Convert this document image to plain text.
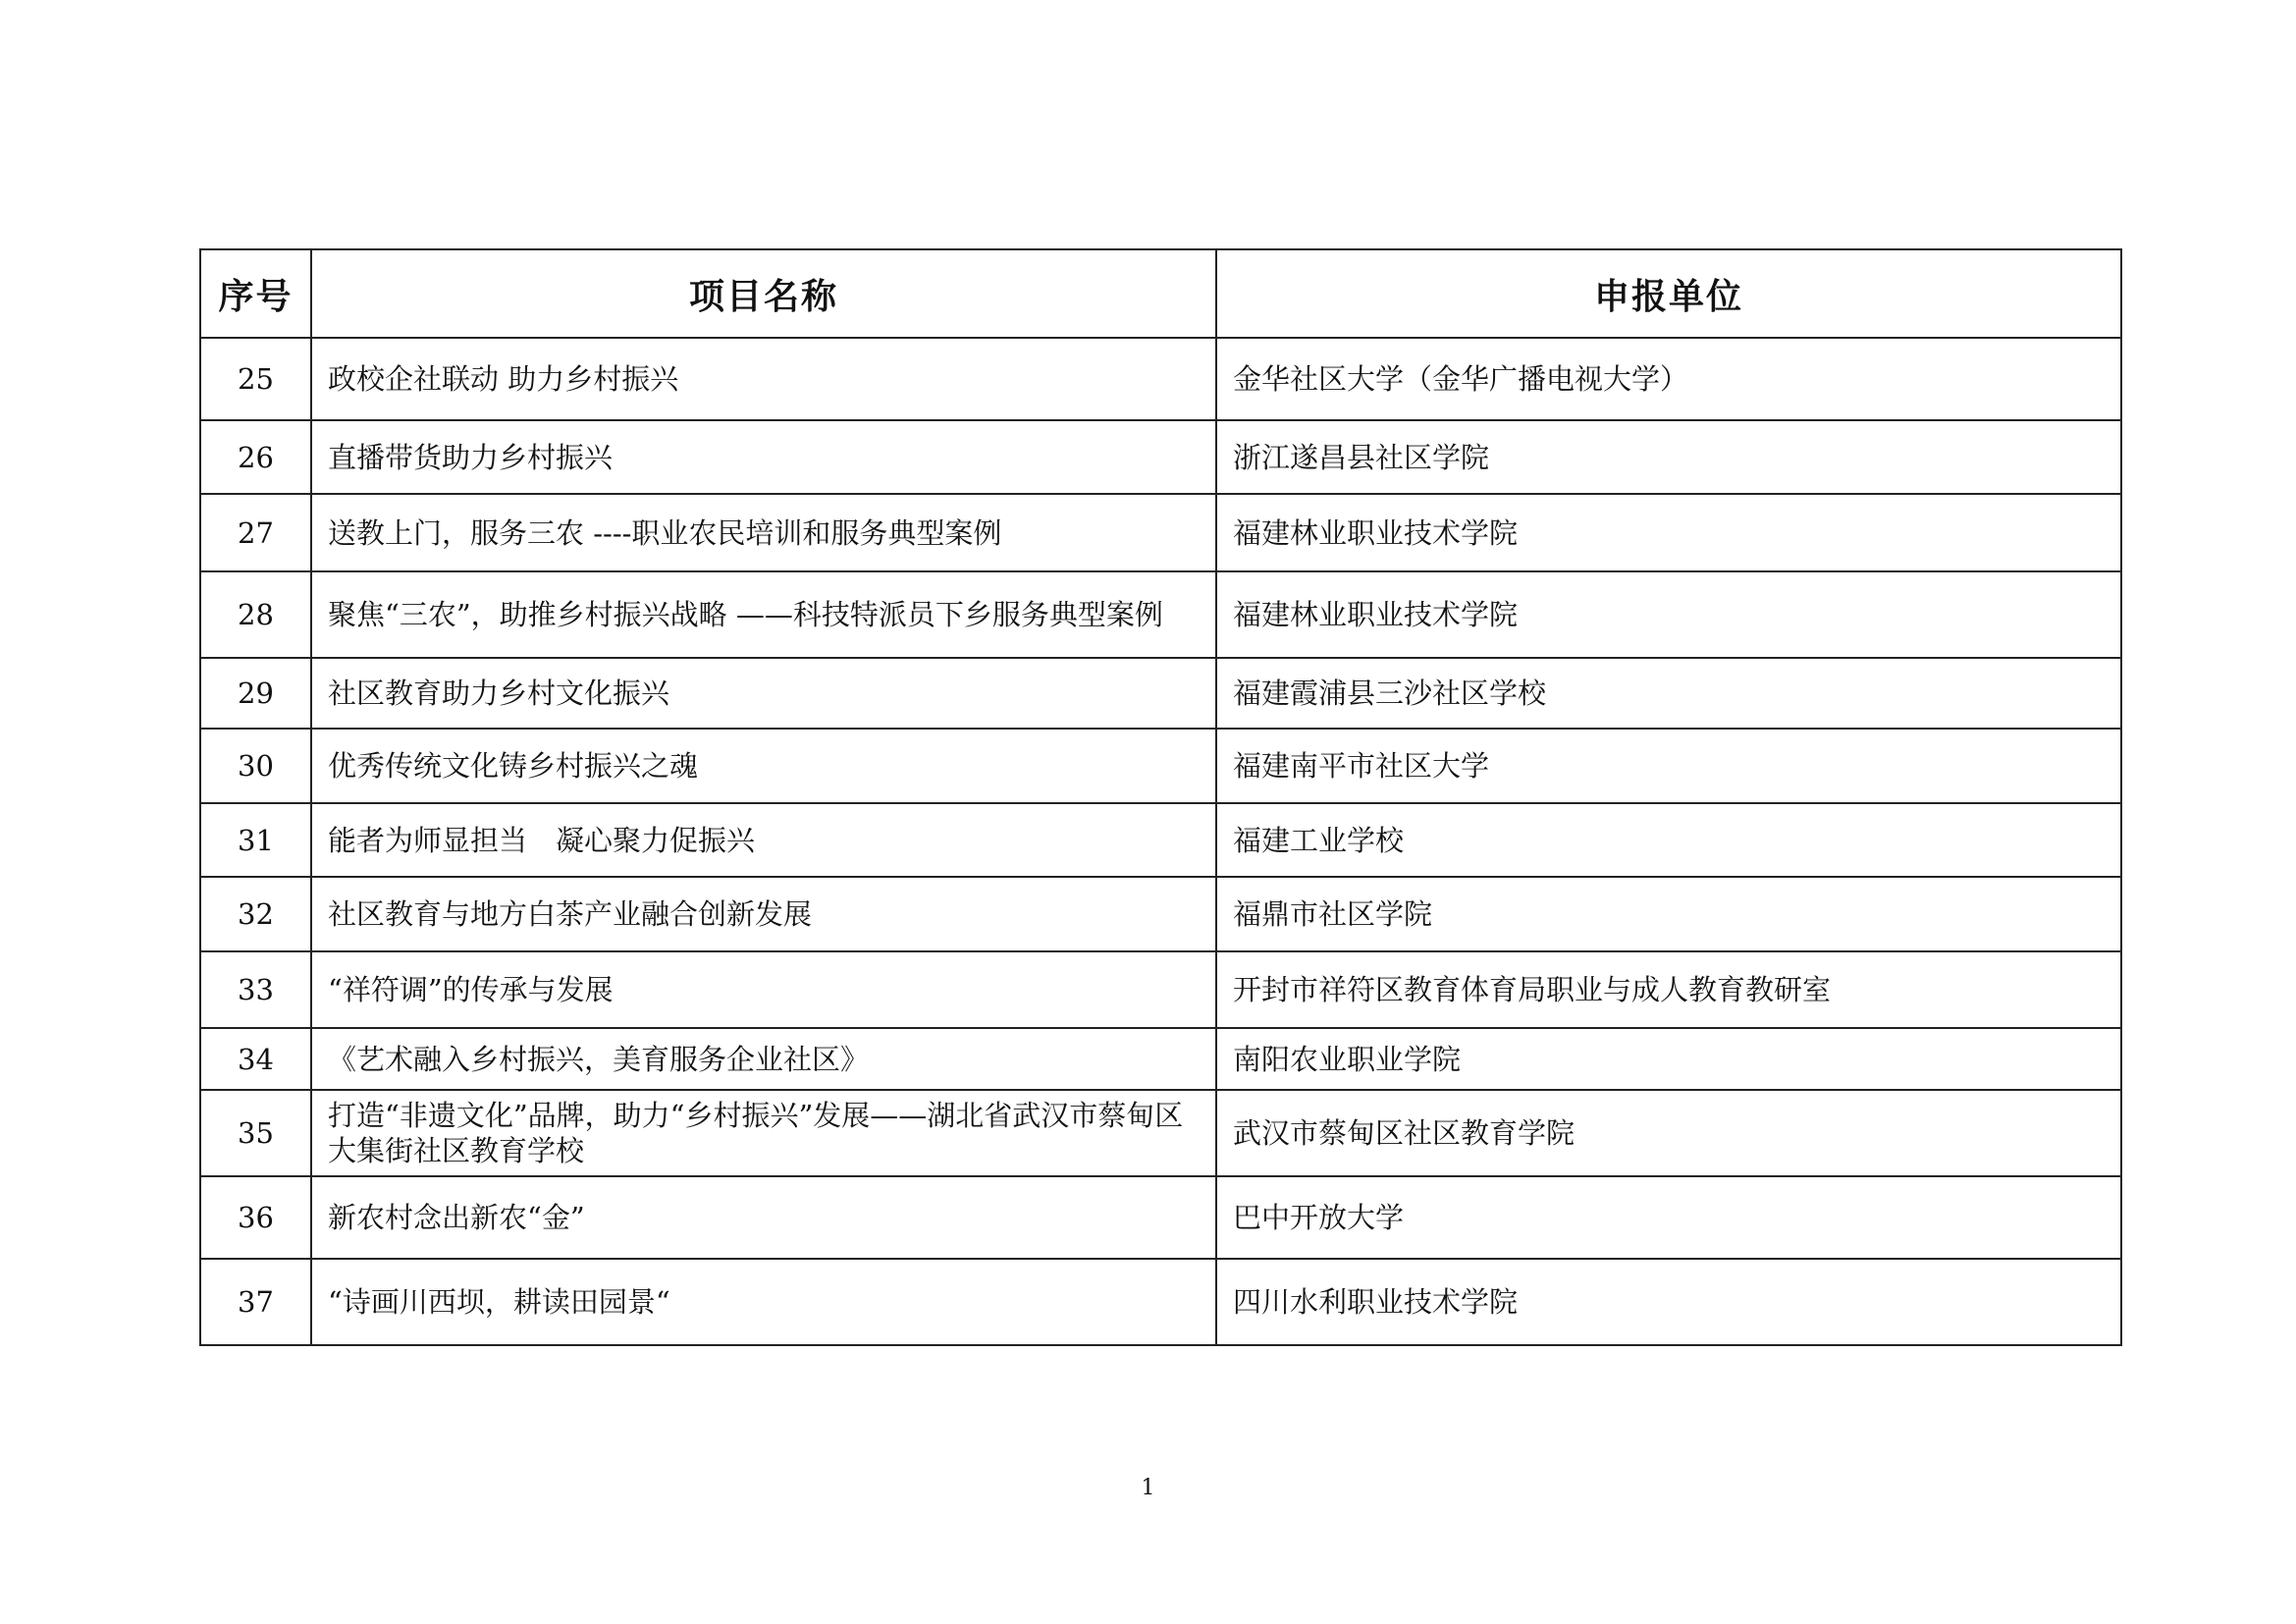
序号	项目名称	申报单位
25	政校企社联动 助力乡村振兴	金华社区大学（金华广播电视大学）
26	直播带货助力乡村振兴	浙江遂昌县社区学院
27	送教上门，服务三农 ----职业农民培训和服务典型案例	福建林业职业技术学院
28	聚焦“三农”，助推乡村振兴战略 ——科技特派员下乡服务典型案例	福建林业职业技术学院
29	社区教育助力乡村文化振兴	福建霞浦县三沙社区学校
30	优秀传统文化铸乡村振兴之魂	福建南平市社区大学
31	能者为师显担当　凝心聚力促振兴	福建工业学校
32	社区教育与地方白茶产业融合创新发展	福鼎市社区学院
33	“祥符调”的传承与发展	开封市祥符区教育体育局职业与成人教育教研室
34	《艺术融入乡村振兴，美育服务企业社区》	南阳农业职业学院
35	打造“非遗文化”品牌，助力“乡村振兴”发展——湖北省武汉市蔡甸区大集街社区教育学校	武汉市蔡甸区社区教育学院
36	新农村念出新农“金”	巴中开放大学
37	“诗画川西坝，耕读田园景“	四川水利职业技术学院
1
